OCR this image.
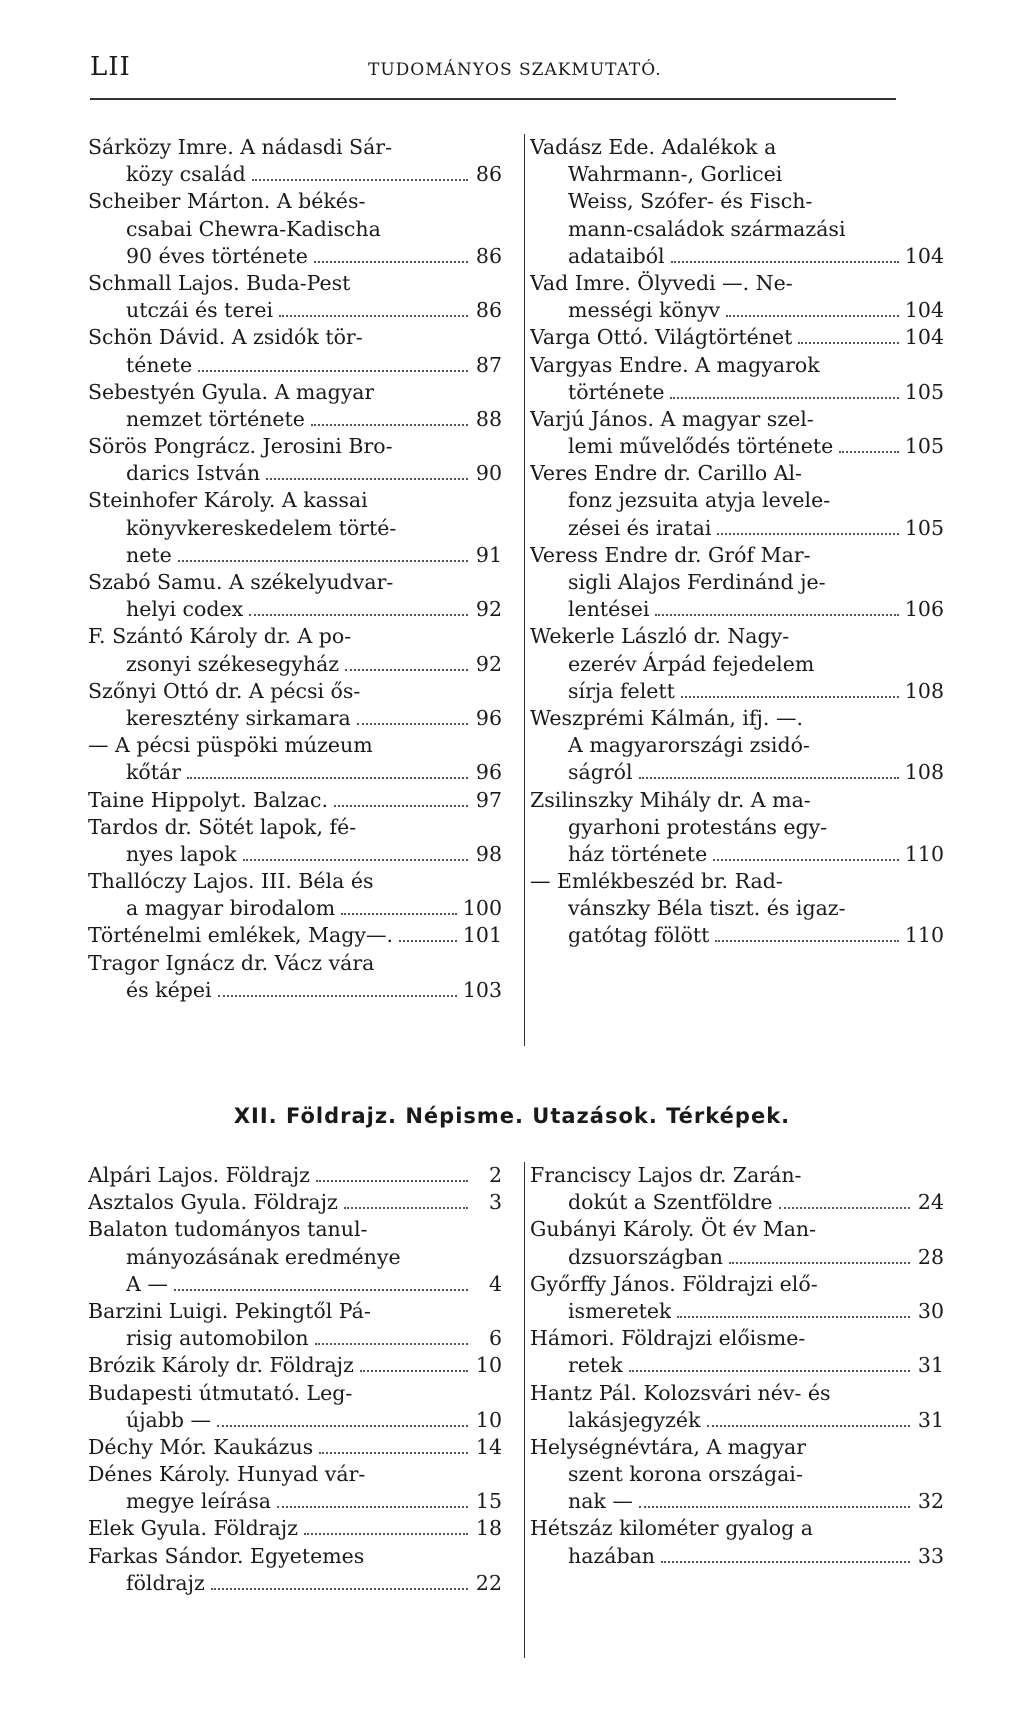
LII	TUDOMÁNYOS SZAKMUTATÓ.
Sárközy Imre. A nádasdi Sár-
közy család	86
Scheiber Márton. A békés-
csabai Chewra-Kadischa
90 éves története	86
Schmall Lajos. Buda-Pest
utczái és terei	86
Schön Dávid. A zsidók tör-
ténete	87
Sebestyén Gyula. A magyar
nemzet története	88
Sörös Pongrácz. Jerosini Bro-
darics István	90
Steinhofer Károly. A kassai
könyvkereskedelem törté-
nete	91
Szabó Samu. A székelyudvar-
helyi codex	92
F. Szántó Károly dr. A po-
zsonyi székesegyház	92
Szőnyi Ottó dr. A pécsi ős-
keresztény sirkamara	96
— A pécsi püspöki múzeum
kőtár	96
Taine Hippolyt. Balzac.	97
Tardos dr. Sötét lapok, fé-
nyes lapok	98
Thallóczy Lajos. III. Béla és
a magyar birodalom	100
Történelmi emlékek, Magy—.	101
Tragor Ignácz dr. Vácz vára
és képei	103
Vadász Ede. Adalékok a
Wahrmann-, Gorlicei
Weiss, Szófer- és Fisch-
mann-családok származási
adataiból	104
Vad Imre. Ölyvedi —. Ne-
mességi könyv	104
Varga Ottó. Világtörténet	104
Vargyas Endre. A magyarok
története	105
Varjú János. A magyar szel-
lemi művelődés története	105
Veres Endre dr. Carillo Al-
fonz jezsuita atyja levele-
zései és iratai	105
Veress Endre dr. Gróf Mar-
sigli Alajos Ferdinánd je-
lentései	106
Wekerle László dr. Nagy-
ezerév Árpád fejedelem
sírja felett	108
Weszprémi Kálmán, ifj. —.
A magyarországi zsidó-
ságról	108
Zsilinszky Mihály dr. A ma-
gyarhoni protestáns egy-
ház története	110
— Emlékbeszéd br. Rad-
vánszky Béla tiszt. és igaz-
gatótag fölött	110
XII. Földrajz. Népisme. Utazások. Térképek.
Alpári Lajos. Földrajz	2
Asztalos Gyula. Földrajz	3
Balaton tudományos tanul-
mányozásának eredménye
A —	4
Barzini Luigi. Pekingtől Pá-
risig automobilon	6
Brózik Károly dr. Földrajz	10
Budapesti útmutató. Leg-
újabb —	10
Déchy Mór. Kaukázus	14
Dénes Károly. Hunyad vár-
megye leírása	15
Elek Gyula. Földrajz	18
Farkas Sándor. Egyetemes
földrajz	22
Franciscy Lajos dr. Zarán-
dokút a Szentföldre	24
Gubányi Károly. Öt év Man-
dzsuországban	28
Győrffy János. Földrajzi elő-
ismeretek	30
Hámori. Földrajzi előisme-
retek	31
Hantz Pál. Kolozsvári név- és
lakásjegyzék	31
Helységnévtára, A magyar
szent korona országai-
nak —	32
Hétszáz kilométer gyalog a
hazában	33
